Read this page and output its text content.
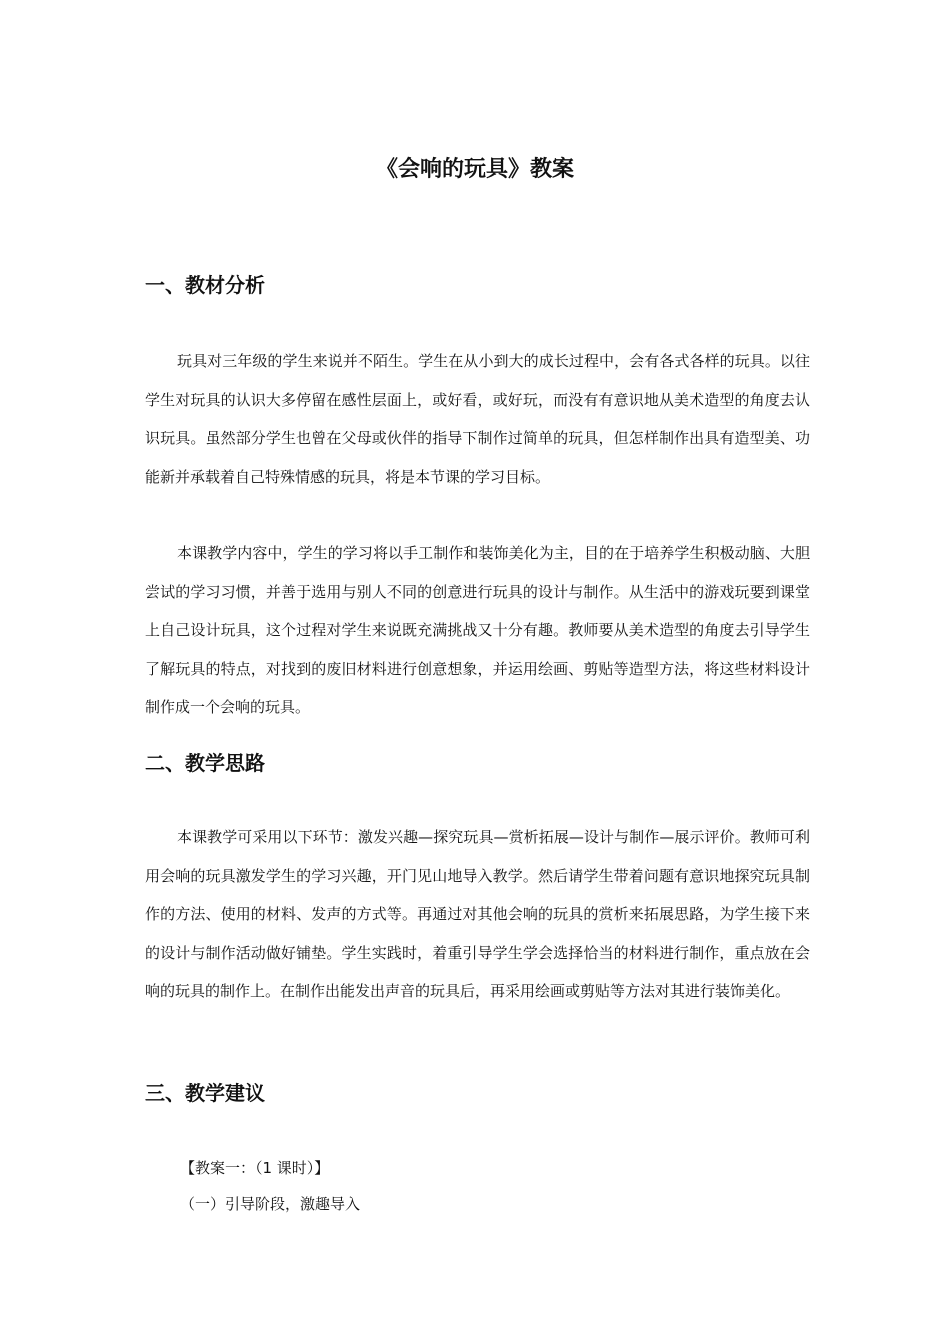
《会响的玩具》教案
一、教材分析

玩具对三年级的学生来说并不陌生。学生在从小到大的成长过程中，会有各式各样的玩具。以往学生对玩具的认识大多停留在感性层面上，或好看，或好玩，而没有有意识地从美术造型的角度去认识玩具。虽然部分学生也曾在父母或伙伴的指导下制作过简单的玩具，但怎样制作出具有造型美、功能新并承载着自己特殊情感的玩具，将是本节课的学习目标。

本课教学内容中，学生的学习将以手工制作和装饰美化为主，目的在于培养学生积极动脑、大胆尝试的学习习惯，并善于选用与别人不同的创意进行玩具的设计与制作。从生活中的游戏玩要到课堂上自己设计玩具，这个过程对学生来说既充满挑战又十分有趣。教师要从美术造型的角度去引导学生了解玩具的特点，对找到的废旧材料进行创意想象，并运用绘画、剪贴等造型方法，将这些材料设计制作成一个会响的玩具。

二、教学思路

本课教学可采用以下环节：激发兴趣—探究玩具—赏析拓展—设计与制作—展示评价。教师可利用会响的玩具激发学生的学习兴趣，开门见山地导入教学。然后请学生带着问题有意识地探究玩具制作的方法、使用的材料、发声的方式等。再通过对其他会响的玩具的赏析来拓展思路，为学生接下来的设计与制作活动做好铺垫。学生实践时，着重引导学生学会选择恰当的材料进行制作，重点放在会响的玩具的制作上。在制作出能发出声音的玩具后，再采用绘画或剪贴等方法对其进行装饰美化。

三、教学建议

【教案一：（1 课时）】

（一）引导阶段，激趣导入
